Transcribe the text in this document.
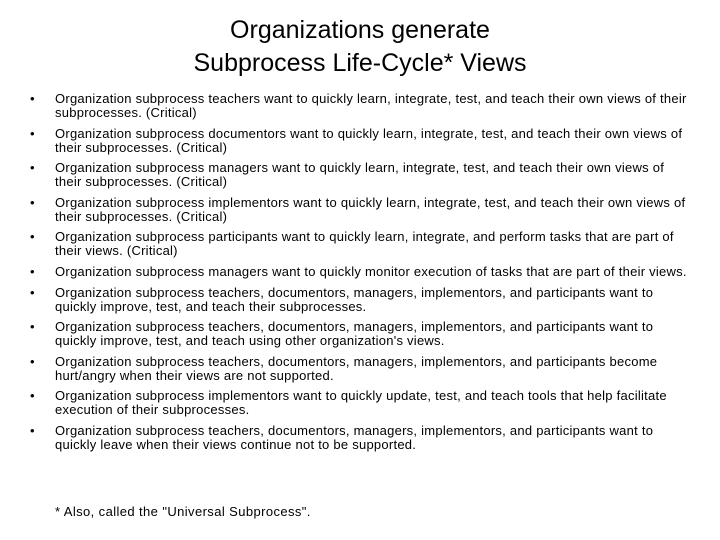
Organizations generate
Subprocess Life-Cycle* Views
• Organization subprocess teachers want to quickly learn, integrate, test, and teach their own views of their subprocesses. (Critical)
• Organization subprocess documentors want to quickly learn, integrate, test, and teach their own views of their subprocesses. (Critical)
• Organization subprocess managers want to quickly learn, integrate, test, and teach their own views of their subprocesses. (Critical)
• Organization subprocess implementors want to quickly learn, integrate, test, and teach their own views of their subprocesses. (Critical)
• Organization subprocess participants want to quickly learn, integrate, and perform tasks that are part of their views. (Critical)
• Organization subprocess managers want to quickly monitor execution of tasks that are part of their views.
• Organization subprocess teachers, documentors, managers, implementors, and participants want to quickly improve, test, and teach their subprocesses.
• Organization subprocess teachers, documentors, managers, implementors, and participants want to quickly improve, test, and teach using other organization's views.
• Organization subprocess teachers, documentors, managers, implementors, and participants become hurt/angry when their views are not supported.
• Organization subprocess implementors want to quickly update, test, and teach tools that help facilitate execution of their subprocesses.
• Organization subprocess teachers, documentors, managers, implementors, and participants want to quickly leave when their views continue not to be supported.
* Also, called the "Universal Subprocess".
